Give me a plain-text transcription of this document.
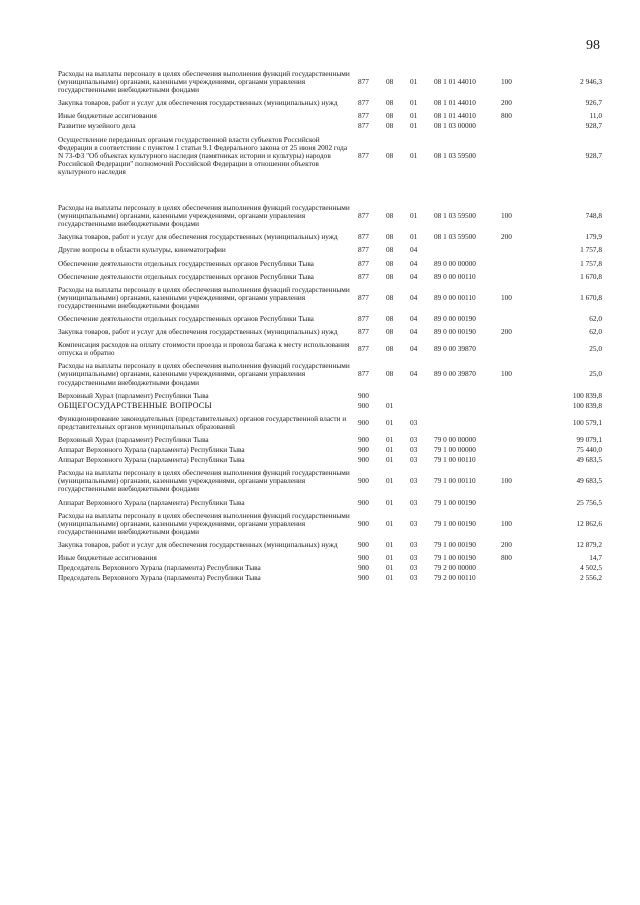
98
Расходы на выплаты персоналу в целях обеспечения выполнения функций государственными (муниципальными) органами, казенными учреждениями, органами управления государственными внебюджетными фондами
877	08	01	08 1 01 44010	100	2 946,3
Закупка товаров, работ и услуг для обеспечения государственных (муниципальных) нужд	877	08	01	08 1 01 44010	200	926,7
Иные бюджетные ассигнования	877	08	01	08 1 01 44010	800	11,0
Развитие музейного дела	877	08	01	08 1 03 00000	928,7
Осуществление переданных органам государственной власти субъектов Российской Федерации в соответствии с пунктом 1 статьи 9.1 Федерального закона от 25 июня 2002 года N 73-ФЗ "Об объектах культурного наследия (памятниках истории и культуры) народов Российской Федерации" полномочий Российской Федерации в отношении объектов культурного наследия
877	08	01	08 1 03 59500	928,7
Расходы на выплаты персоналу в целях обеспечения выполнения функций государственными (муниципальными) органами, казенными учреждениями, органами управления государственными внебюджетными фондами
877	08	01	08 1 03 59500	100	748,8
Закупка товаров, работ и услуг для обеспечения государственных (муниципальных) нужд	877	08	01	08 1 03 59500	200	179,9
Другие вопросы в области культуры, кинематографии	877	08	04	1 757,8
Обеспечение деятельности отдельных государственных органов Республики Тыва	877	08	04	89 0 00 00000	1 757,8
Обеспечение деятельности отдельных государственных органов Республики Тыва	877	08	04	89 0 00 00110	1 670,8
Расходы на выплаты персоналу в целях обеспечения выполнения функций государственными (муниципальными) органами, казенными учреждениями, органами управления государственными внебюджетными фондами
877	08	04	89 0 00 00110	100	1 670,8
Обеспечение деятельности отдельных государственных органов Республики Тыва	877	08	04	89 0 00 00190	62,0
Закупка товаров, работ и услуг для обеспечения государственных (муниципальных) нужд	877	08	04	89 0 00 00190	200	62,0
Компенсация расходов на оплату стоимости проезда и провоза багажа к месту использования отпуска и обратно	877	08	04	89 0 00 39870	25,0
Расходы на выплаты персоналу в целях обеспечения выполнения функций государственными (муниципальными) органами, казенными учреждениями, органами управления государственными внебюджетными фондами
877	08	04	89 0 00 39870	100	25,0
Верховный Хурал (парламент) Республики Тыва	900	100 839,8
ОБЩЕГОСУДАРСТВЕННЫЕ ВОПРОСЫ	900	01	100 839,8
Функционирование законодательных (представительных) органов государственной власти и представительных органов муниципальных образований	900	01	03	100 579,1
Верховный Хурал (парламент) Республики Тыва	900	01	03	79 0 00 00000	99 079,1
Аппарат Верховного Хурала (парламента) Республики Тыва	900	01	03	79 1 00 00000	75 440,0
Аппарат Верховного Хурала (парламента) Республики Тыва	900	01	03	79 1 00 00110	49 683,5
Расходы на выплаты персоналу в целях обеспечения выполнения функций государственными (муниципальными) органами, казенными учреждениями, органами управления государственными внебюджетными фондами
900	01	03	79 1 00 00110	100	49 683,5
Аппарат Верховного Хурала (парламента) Республики Тыва	900	01	03	79 1 00 00190	25 756,5
Расходы на выплаты персоналу в целях обеспечения выполнения функций государственными (муниципальными) органами, казенными учреждениями, органами управления государственными внебюджетными фондами
900	01	03	79 1 00 00190	100	12 862,6
Закупка товаров, работ и услуг для обеспечения государственных (муниципальных) нужд	900	01	03	79 1 00 00190	200	12 879,2
Иные бюджетные ассигнования	900	01	03	79 1 00 00190	800	14,7
Председатель Верховного Хурала (парламента) Республики Тыва	900	01	03	79 2 00 00000	4 502,5
Председатель Верховного Хурала (парламента) Республики Тыва	900	01	03	79 2 00 00110	2 556,2
